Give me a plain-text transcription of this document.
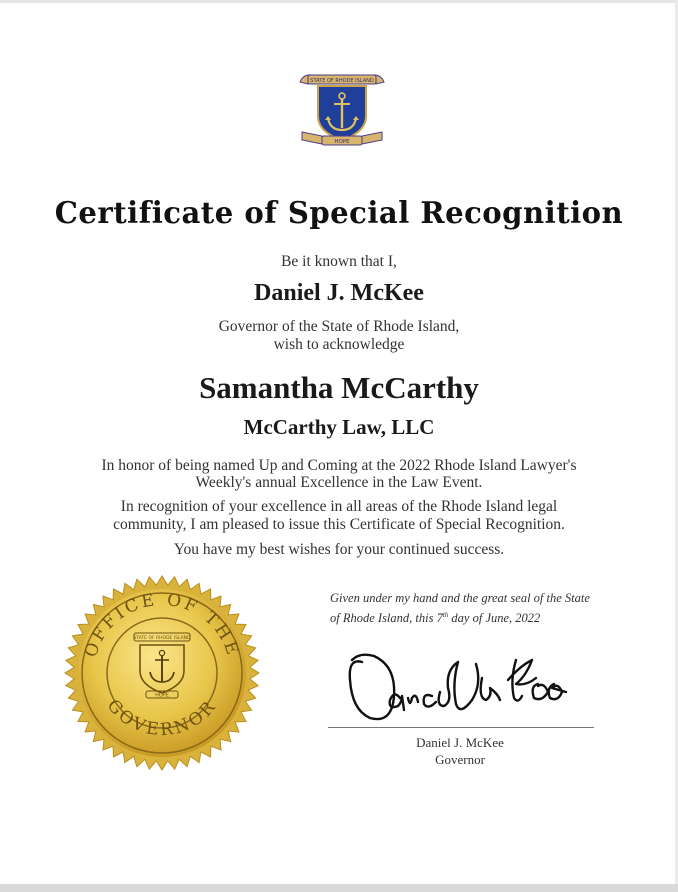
STATE OF RHODE ISLAND
HOPE
Certificate of Special Recognition
Be it known that I,
Daniel J. McKee
Governor of the State of Rhode Island,
wish to acknowledge
Samantha McCarthy
McCarthy Law, LLC
In honor of being named Up and Coming at the 2022 Rhode Island Lawyer's
Weekly's annual Excellence in the Law Event.
In recognition of your excellence in all areas of the Rhode Island legal
community, I am pleased to issue this Certificate of Special Recognition.
You have my best wishes for your continued success.
OFFICE OF THE
GOVERNOR
STATE OF RHODE ISLAND
HOPE
Given under my hand and the great seal of the State
of Rhode Island, this 7th day of June, 2022
Daniel J. McKee
Governor
